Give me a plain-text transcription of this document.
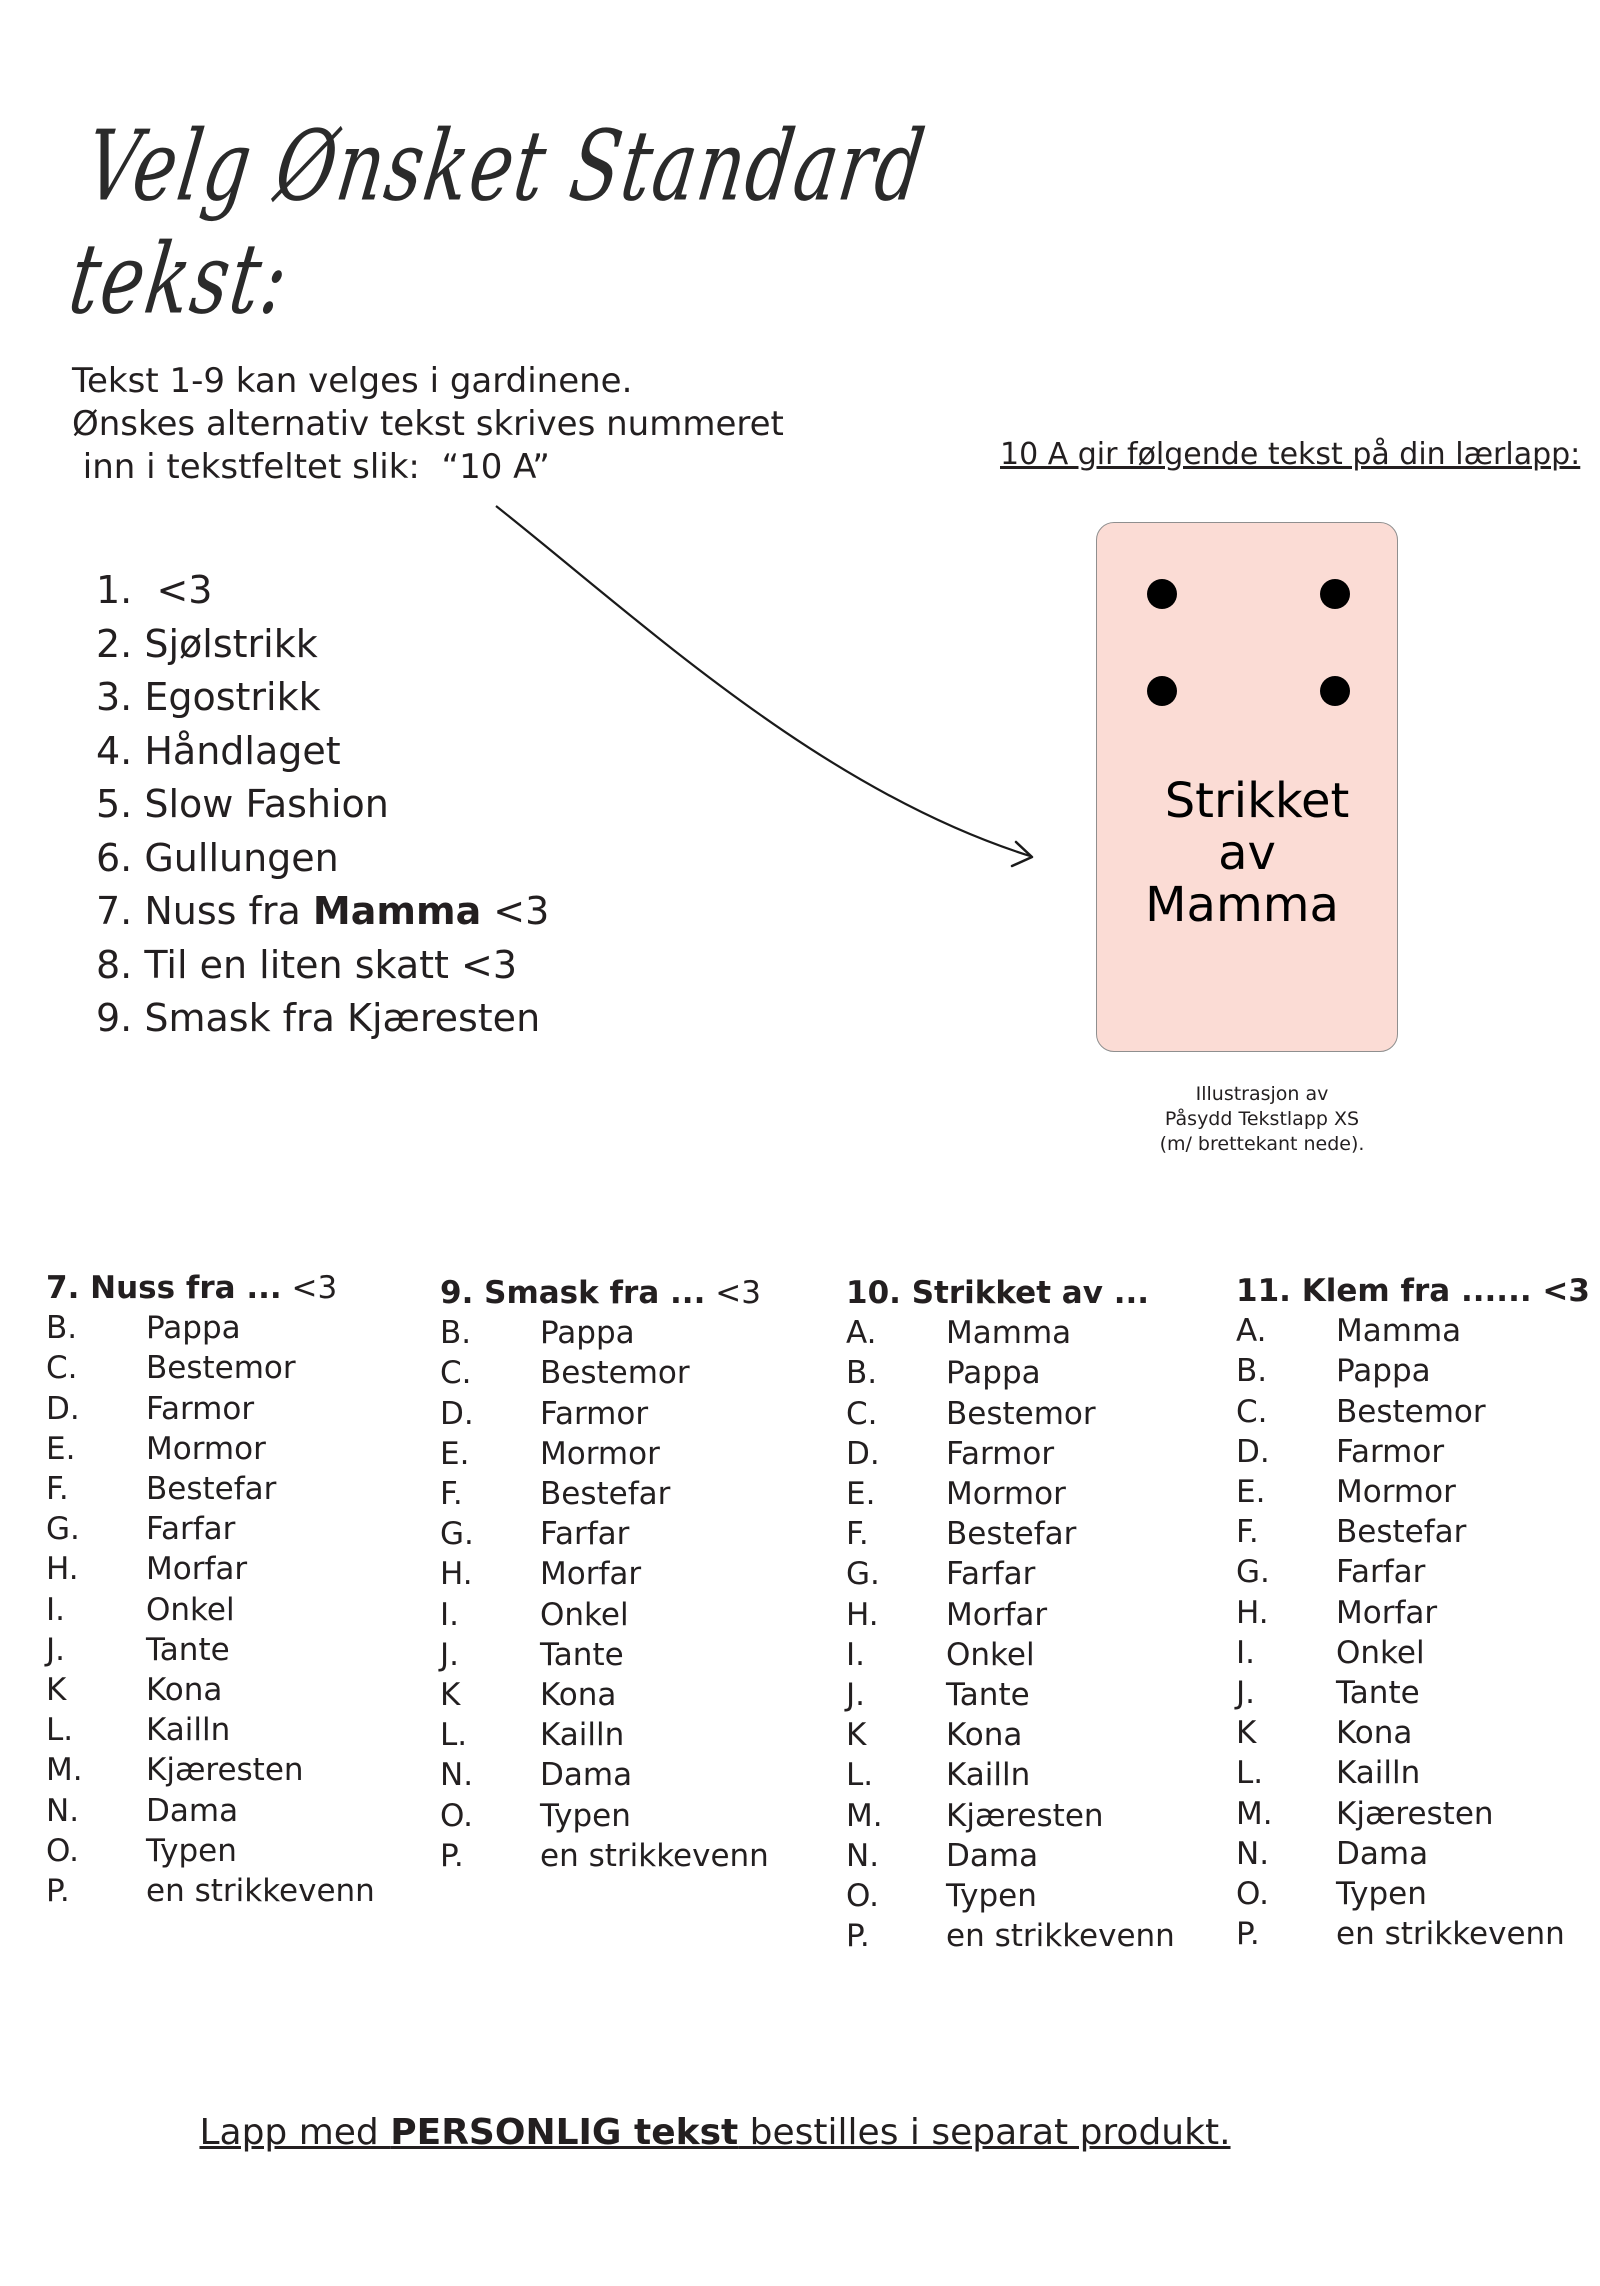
Velg Ønsket Standard tekst:
Tekst 1-9 kan velges i gardinene.
Ønskes alternativ tekst skrives nummeret
inn i tekstfeltet slik:  “10 A”	10 A gir følgende tekst på din lærlapp:
Strikket
av
Mamma
Illustrasjon av
Påsydd Tekstlapp XS
(m/ brettekant nede).
1.  <3
2. Sjølstrikk
3. Egostrikk
4. Håndlaget
5. Slow Fashion
6. Gullungen
7. Nuss fra Mamma <3
8. Til en liten skatt <3
9. Smask fra Kjæresten
7. Nuss fra ... <3
B.	Pappa
C.	Bestemor
D.	Farmor
E.	Mormor
F.	Bestefar
G.	Farfar
H.	Morfar
I.	Onkel
J.	Tante
K	Kona
L.	Kailln
M.	Kjæresten
N.	Dama
O.	Typen
P.	en strikkevenn
9. Smask fra ... <3
B.	Pappa
C.	Bestemor
D.	Farmor
E.	Mormor
F.	Bestefar
G.	Farfar
H.	Morfar
I.	Onkel
J.	Tante
K	Kona
L.	Kailln
N.	Dama
O.	Typen
P.	en strikkevenn
10. Strikket av ...
A.	Mamma
B.	Pappa
C.	Bestemor
D.	Farmor
E.	Mormor
F.	Bestefar
G.	Farfar
H.	Morfar
I.	Onkel
J.	Tante
K	Kona
L.	Kailln
M.	Kjæresten
N.	Dama
O.	Typen
P.	en strikkevenn
11. Klem fra ...... <3
A.	Mamma
B.	Pappa
C.	Bestemor
D.	Farmor
E.	Mormor
F.	Bestefar
G.	Farfar
H.	Morfar
I.	Onkel
J.	Tante
K	Kona
L.	Kailln
M.	Kjæresten
N.	Dama
O.	Typen
P.	en strikkevenn
Lapp med PERSONLIG tekst bestilles i separat produkt.
